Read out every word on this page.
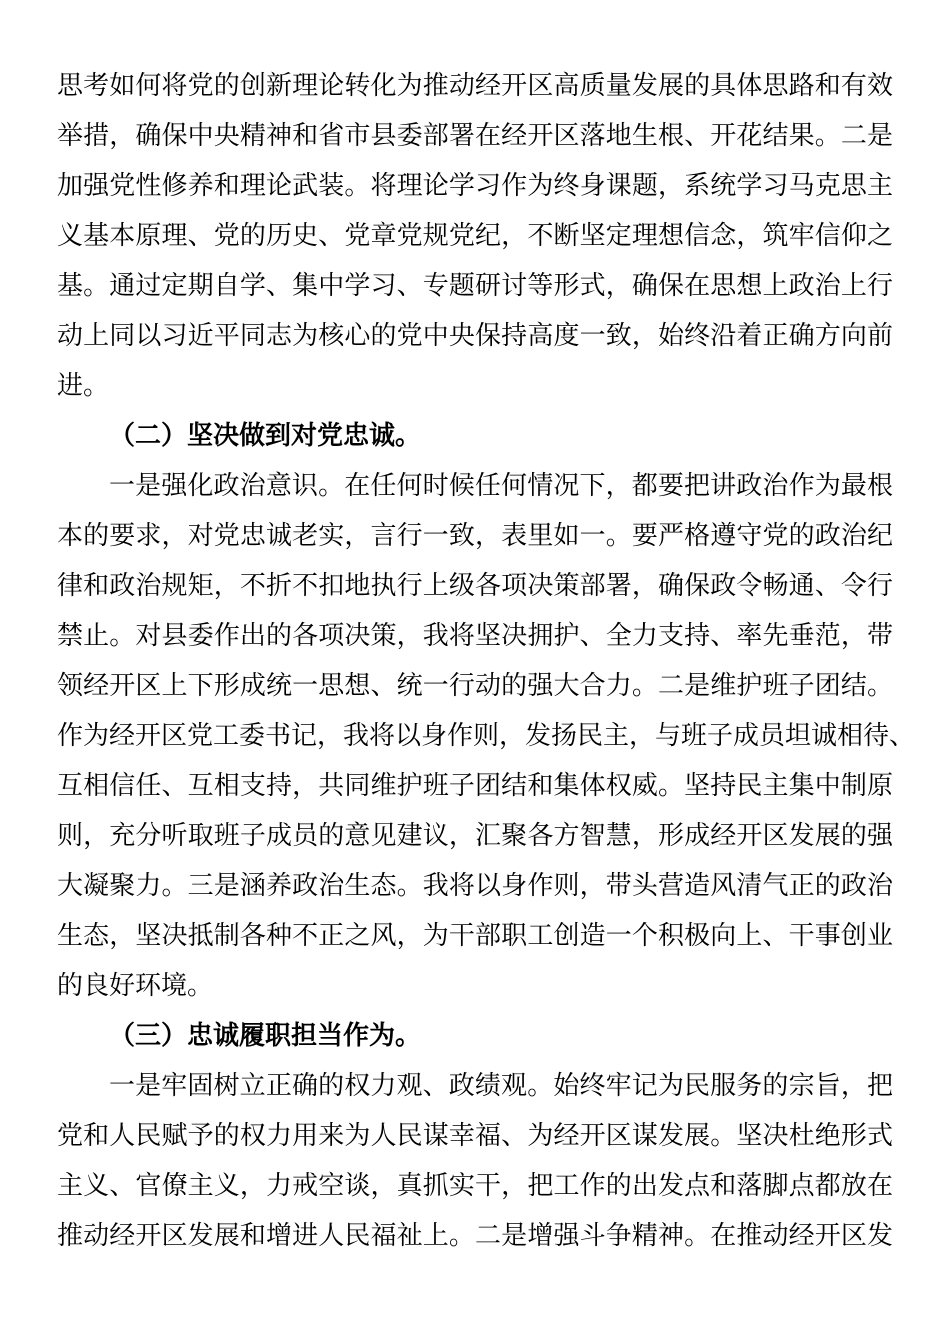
思考如何将党的创新理论转化为推动经开区高质量发展的具体思路和有效
举措，确保中央精神和省市县委部署在经开区落地生根、开花结果。二是
加强党性修养和理论武装。将理论学习作为终身课题，系统学习马克思主
义基本原理、党的历史、党章党规党纪，不断坚定理想信念，筑牢信仰之
基。通过定期自学、集中学习、专题研讨等形式，确保在思想上政治上行
动上同以习近平同志为核心的党中央保持高度一致，始终沿着正确方向前
进。
（二）坚决做到对党忠诚。
一是强化政治意识。在任何时候任何情况下，都要把讲政治作为最根
本的要求，对党忠诚老实，言行一致，表里如一。要严格遵守党的政治纪
律和政治规矩，不折不扣地执行上级各项决策部署，确保政令畅通、令行
禁止。对县委作出的各项决策，我将坚决拥护、全力支持、率先垂范，带
领经开区上下形成统一思想、统一行动的强大合力。二是维护班子团结。
作为经开区党工委书记，我将以身作则，发扬民主，与班子成员坦诚相待、
互相信任、互相支持，共同维护班子团结和集体权威。坚持民主集中制原
则，充分听取班子成员的意见建议，汇聚各方智慧，形成经开区发展的强
大凝聚力。三是涵养政治生态。我将以身作则，带头营造风清气正的政治
生态，坚决抵制各种不正之风，为干部职工创造一个积极向上、干事创业
的良好环境。
（三）忠诚履职担当作为。
一是牢固树立正确的权力观、政绩观。始终牢记为民服务的宗旨，把
党和人民赋予的权力用来为人民谋幸福、为经开区谋发展。坚决杜绝形式
主义、官僚主义，力戒空谈，真抓实干，把工作的出发点和落脚点都放在
推动经开区发展和增进人民福祉上。二是增强斗争精神。在推动经开区发
